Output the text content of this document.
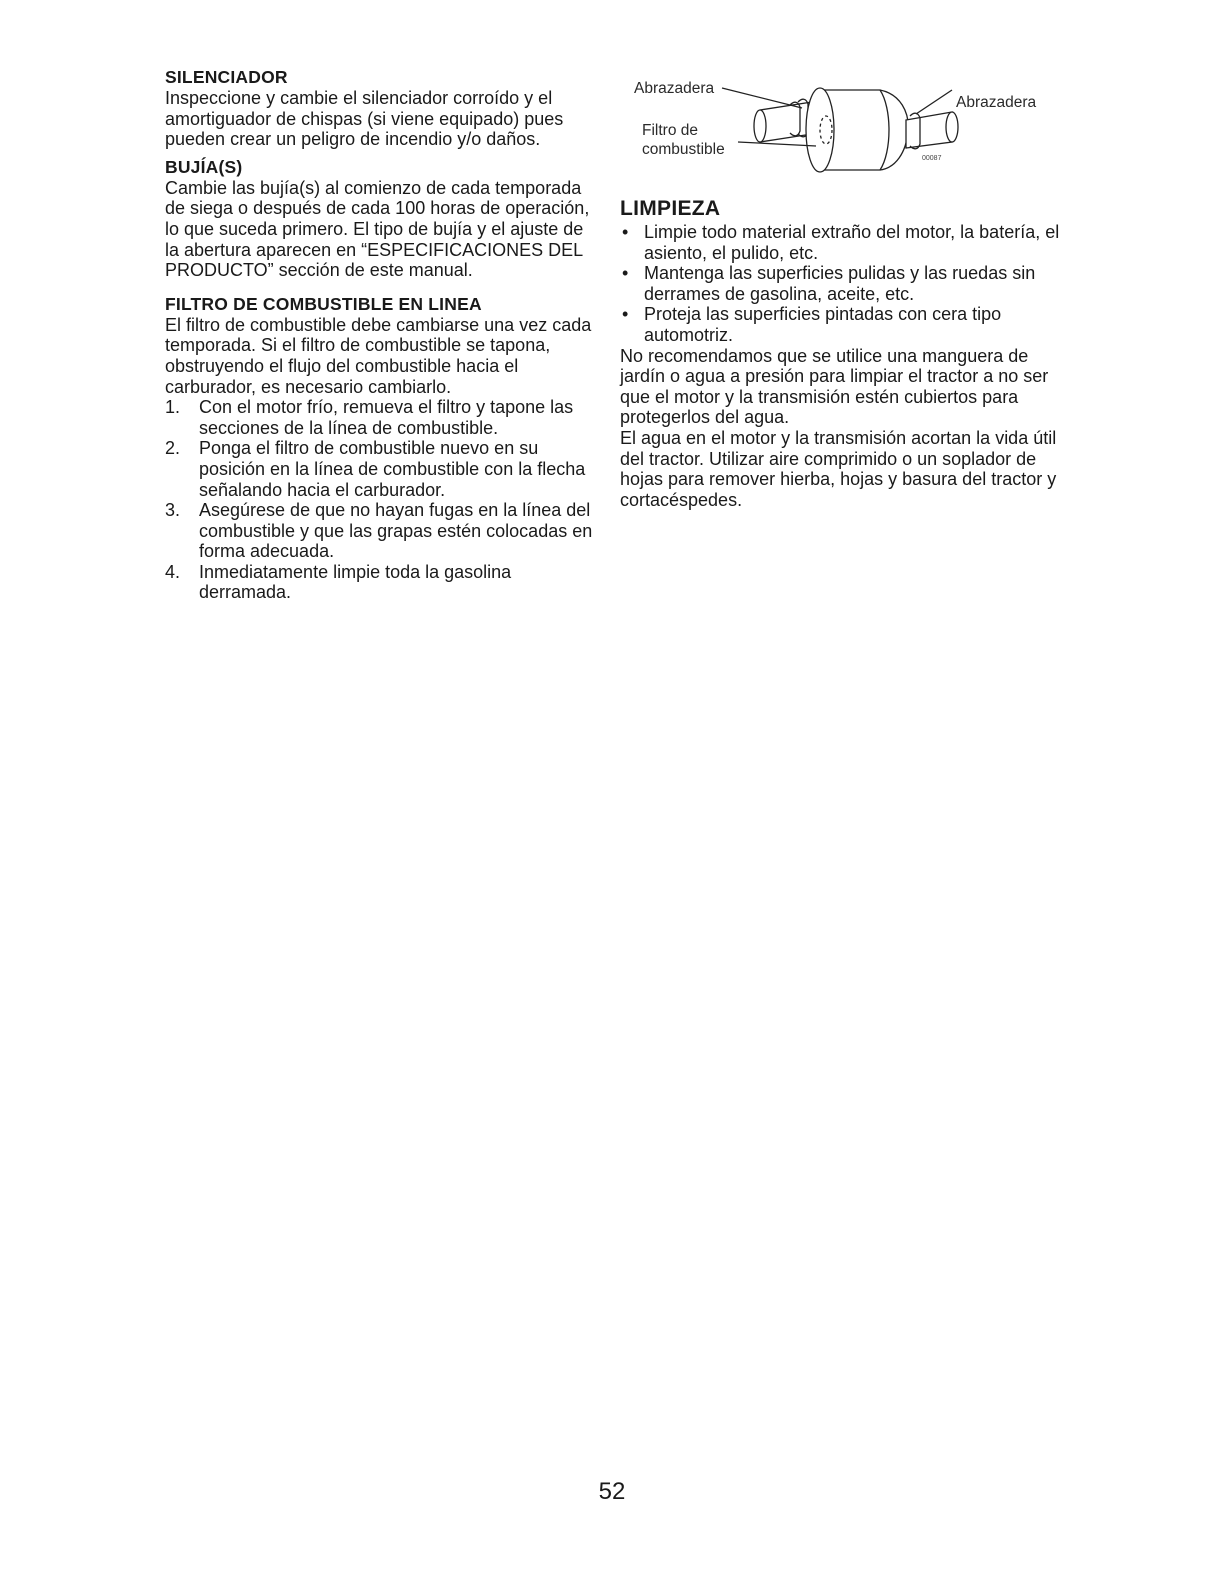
SILENCIADOR

Inspeccione y cambie el silenciador corroído y el amortiguador de chispas (si viene equipado) pues pueden crear un peligro de incendio y/o daños.

BUJÍA(S)

Cambie las bujía(s) al comienzo de cada temporada de siega o después de cada 100 horas de operación, lo que suceda primero. El tipo de bujía y el ajuste de la abertura aparecen en “ESPECIFICACIONES DEL PRODUCTO” sección de este manual.

FILTRO DE COMBUSTIBLE EN LINEA

El filtro de combustible debe cambiarse una vez cada temporada. Si el filtro de combustible se tapona, obstruyendo el flujo del combustible hacia el carburador, es necesario cambiarlo.

1. Con el motor frío, remueva el filtro y tapone las secciones de la línea de combustible.
2. Ponga el filtro de combustible nuevo en su posición en la línea de combustible con la flecha señalando hacia el carburador.
3. Asegúrese de que no hayan fugas en la línea del combustible y que las grapas estén colocadas en forma adecuada.
4. Inmediatamente limpie toda la gasolina derramada.
00087
Abrazadera
Abrazadera
Filtro de
combustible
LIMPIEZA
• Limpie todo material extraño del motor, la batería, el asiento, el pulido, etc.
• Mantenga las superficies pulidas y las ruedas sin derrames de gasolina, aceite, etc.
• Proteja las superficies pintadas con cera tipo automotriz.

No recomendamos que se utilice una manguera de jardín o agua a presión para limpiar el tractor a no ser que el motor y la transmisión estén cubiertos para protegerlos del agua.

El agua en el motor y la transmisión acortan la vida útil del tractor. Utilizar aire comprimido o un soplador de hojas para remover hierba, hojas y basura del tractor y cortacéspedes.

52
